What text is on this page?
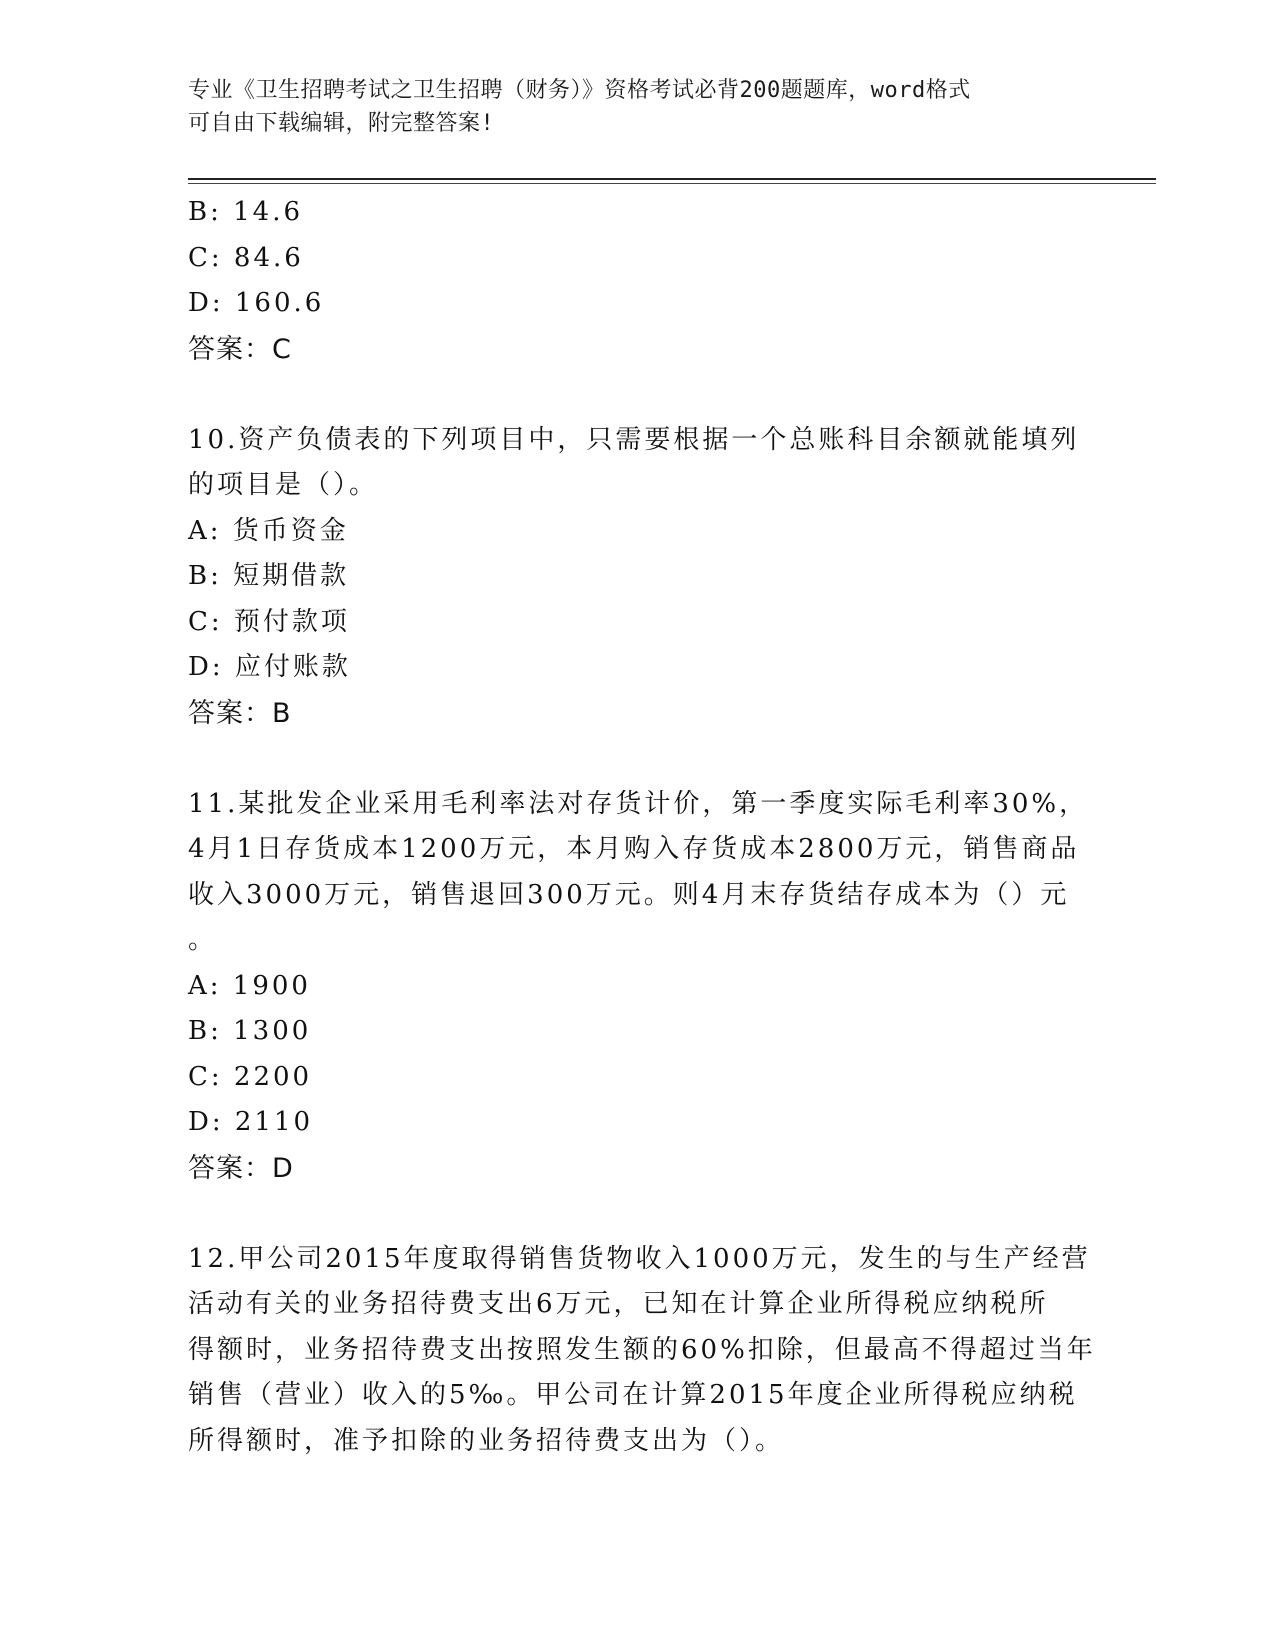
专业《卫生招聘考试之卫生招聘（财务）》资格考试必背200题题库，word格式
可自由下载编辑，附完整答案!
B: 14.6
C: 84.6
D: 160.6
答案：C
10.资产负债表的下列项目中，只需要根据一个总账科目余额就能填列
的项目是（）。
A: 货币资金
B: 短期借款
C: 预付款项
D: 应付账款
答案：B
11.某批发企业采用毛利率法对存货计价，第一季度实际毛利率30%，
4月1日存货成本1200万元，本月购入存货成本2800万元，销售商品
收入3000万元，销售退回300万元。则4月末存货结存成本为（）元
。
A: 1900
B: 1300
C: 2200
D: 2110
答案：D
12.甲公司2015年度取得销售货物收入1000万元，发生的与生产经营
活动有关的业务招待费支出6万元，已知在计算企业所得税应纳税所
得额时，业务招待费支出按照发生额的60%扣除，但最高不得超过当年
销售（营业）收入的5‰。甲公司在计算2015年度企业所得税应纳税
所得额时，准予扣除的业务招待费支出为（）。
